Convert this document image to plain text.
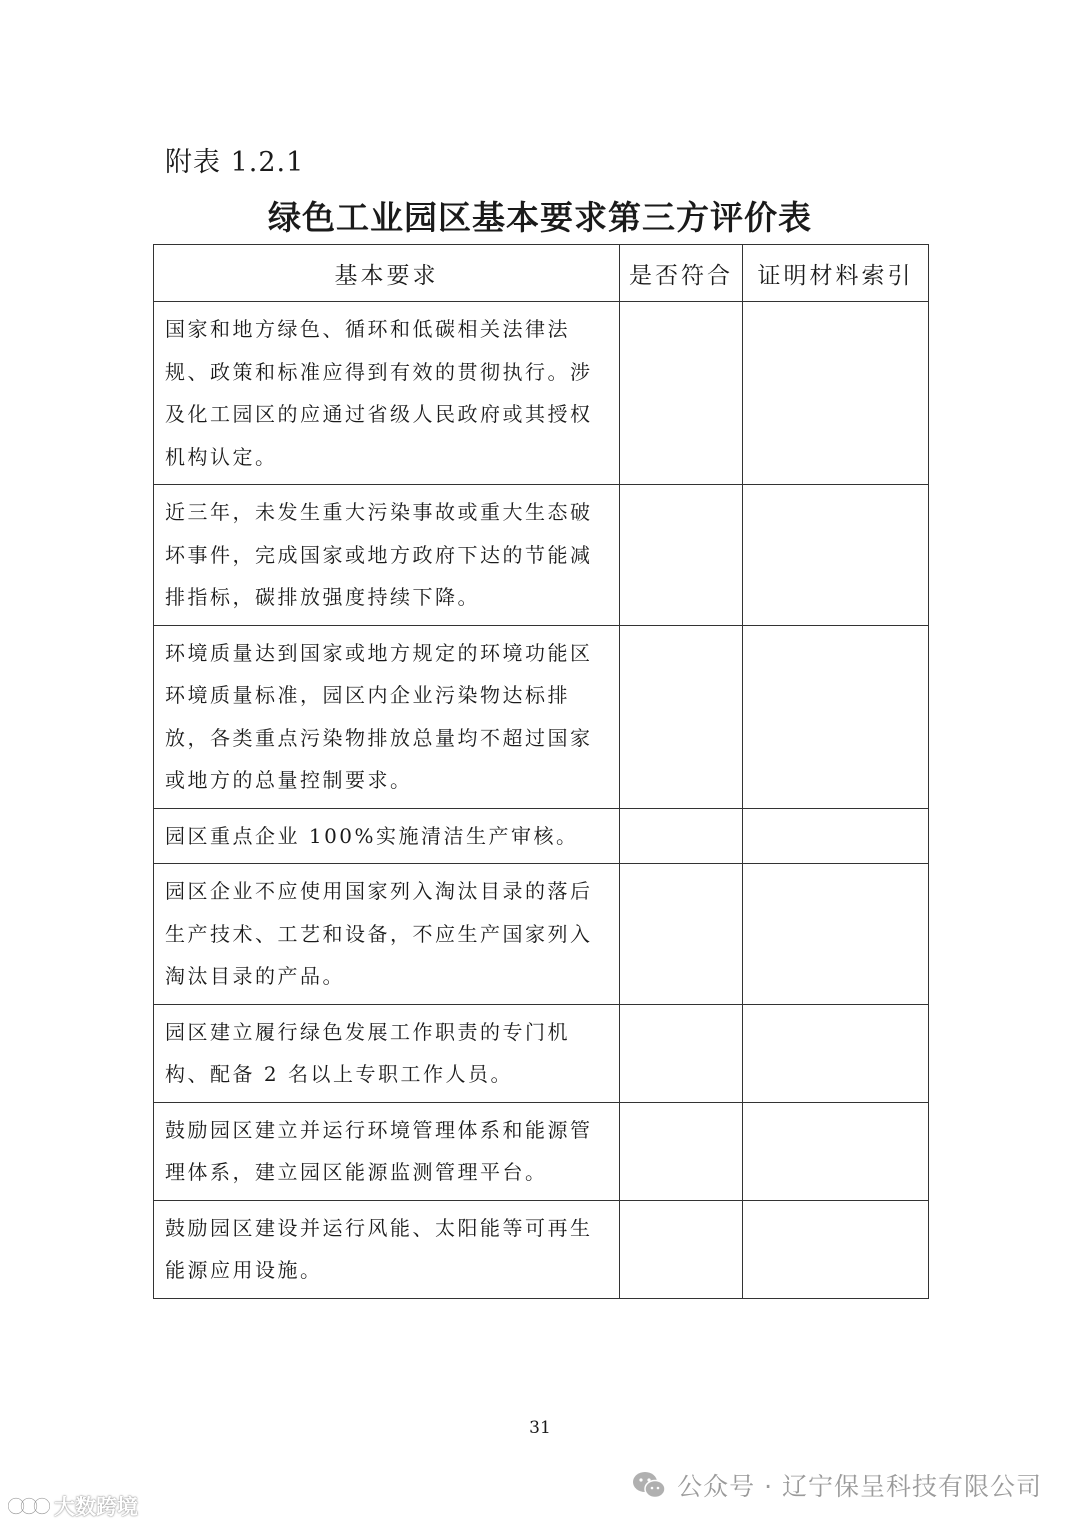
附表 1.2.1
绿色工业园区基本要求第三方评价表
基本要求	是否符合	证明材料索引
国家和地方绿色、循环和低碳相关法律法规、政策和标准应得到有效的贯彻执行。涉及化工园区的应通过省级人民政府或其授权机构认定。		
近三年，未发生重大污染事故或重大生态破坏事件，完成国家或地方政府下达的节能减排指标，碳排放强度持续下降。		
环境质量达到国家或地方规定的环境功能区环境质量标准，园区内企业污染物达标排放，各类重点污染物排放总量均不超过国家或地方的总量控制要求。		
园区重点企业 100%实施清洁生产审核。		
园区企业不应使用国家列入淘汰目录的落后生产技术、工艺和设备，不应生产国家列入淘汰目录的产品。		
园区建立履行绿色发展工作职责的专门机构、配备 2 名以上专职工作人员。		
鼓励园区建立并运行环境管理体系和能源管理体系，建立园区能源监测管理平台。		
鼓励园区建设并运行风能、太阳能等可再生能源应用设施。		
31
公众号 · 辽宁保呈科技有限公司
大数跨境
